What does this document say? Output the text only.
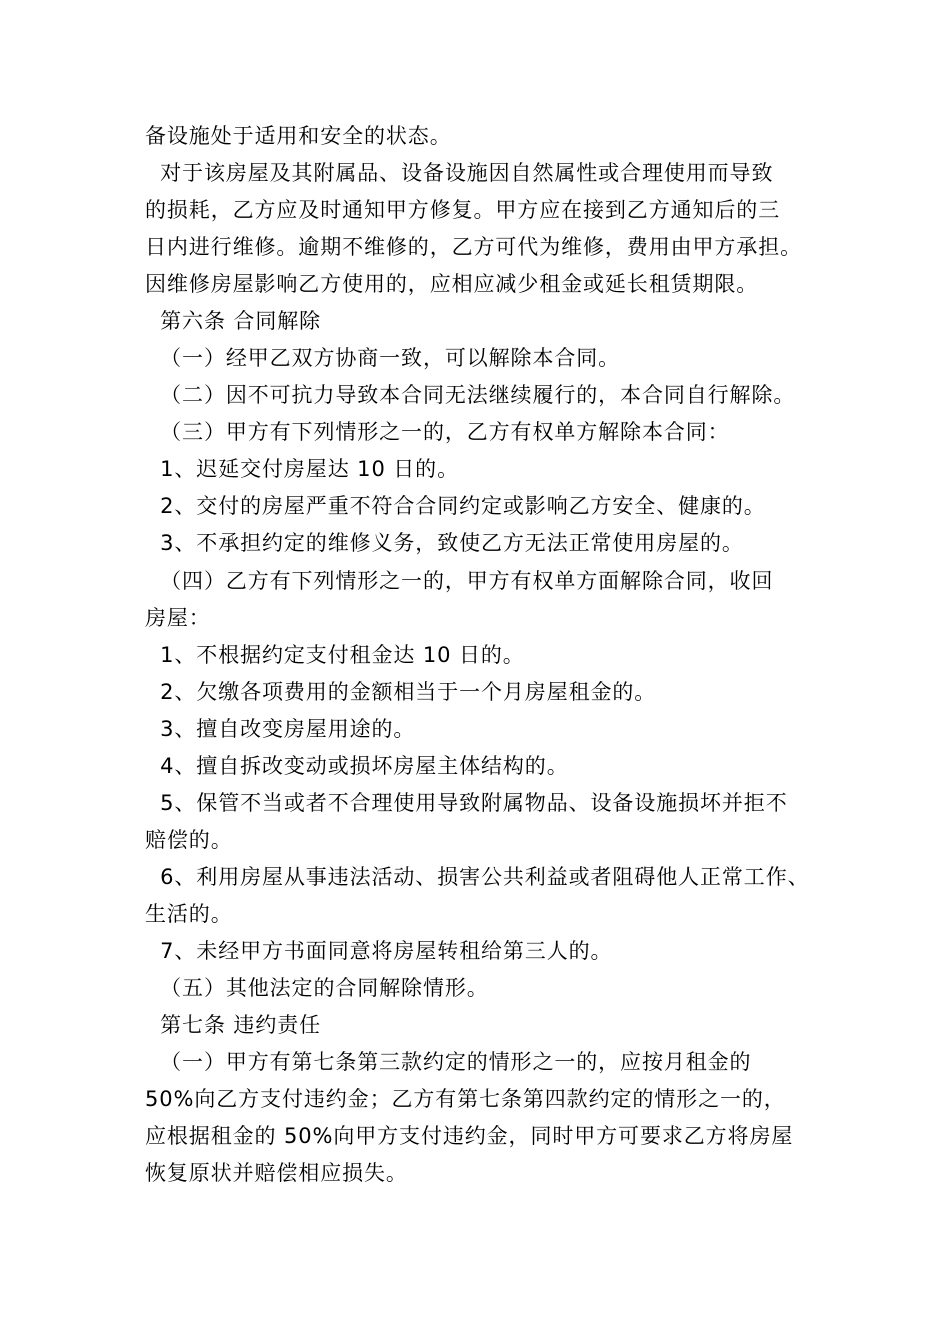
备设施处于适用和安全的状态。
对于该房屋及其附属品、设备设施因自然属性或合理使用而导致
的损耗，乙方应及时通知甲方修复。甲方应在接到乙方通知后的三
日内进行维修。逾期不维修的，乙方可代为维修，费用由甲方承担。
因维修房屋影响乙方使用的，应相应减少租金或延长租赁期限。
第六条 合同解除
（一）经甲乙双方协商一致，可以解除本合同。
（二）因不可抗力导致本合同无法继续履行的，本合同自行解除。
（三）甲方有下列情形之一的，乙方有权单方解除本合同：
1、迟延交付房屋达 10 日的。
2、交付的房屋严重不符合合同约定或影响乙方安全、健康的。
3、不承担约定的维修义务，致使乙方无法正常使用房屋的。
（四）乙方有下列情形之一的，甲方有权单方面解除合同，收回
房屋：
1、不根据约定支付租金达 10 日的。
2、欠缴各项费用的金额相当于一个月房屋租金的。
3、擅自改变房屋用途的。
4、擅自拆改变动或损坏房屋主体结构的。
5、保管不当或者不合理使用导致附属物品、设备设施损坏并拒不
赔偿的。
6、利用房屋从事违法活动、损害公共利益或者阻碍他人正常工作、
生活的。
7、未经甲方书面同意将房屋转租给第三人的。
（五）其他法定的合同解除情形。
第七条 违约责任
（一）甲方有第七条第三款约定的情形之一的，应按月租金的
50%向乙方支付违约金；乙方有第七条第四款约定的情形之一的，
应根据租金的 50%向甲方支付违约金，同时甲方可要求乙方将房屋
恢复原状并赔偿相应损失。
